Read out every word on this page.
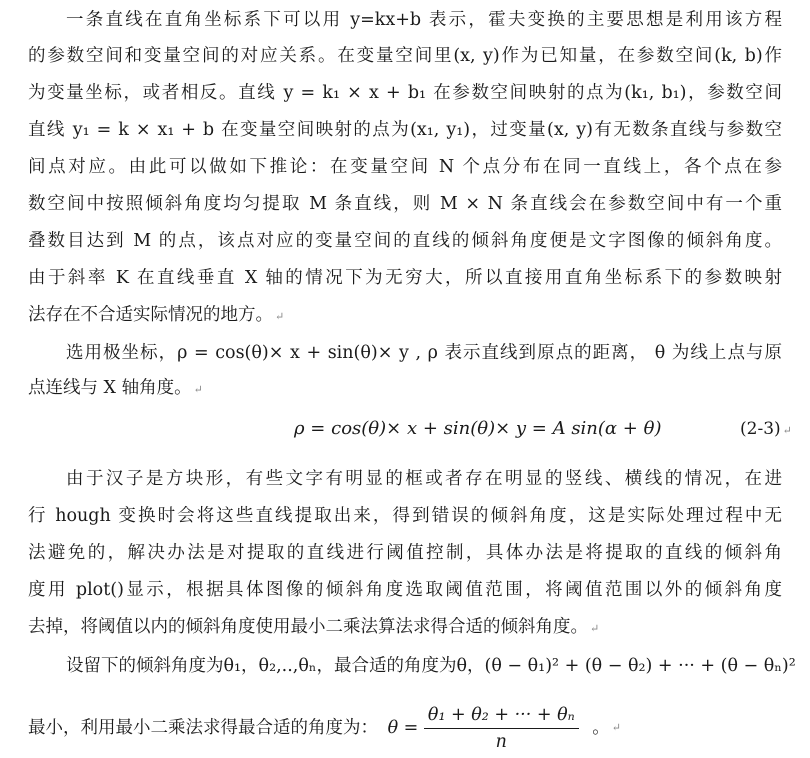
一条直线在直角坐标系下可以用 y=kx+b 表示，霍夫变换的主要思想是利用该方程
的参数空间和变量空间的对应关系。在变量空间里(x, y)作为已知量，在参数空间(k, b)作
为变量坐标，或者相反。直线 y = k₁ × x + b₁ 在参数空间映射的点为(k₁, b₁)，参数空间
直线 y₁ = k × x₁ + b 在变量空间映射的点为(x₁, y₁)，过变量(x, y)有无数条直线与参数空
间点对应。由此可以做如下推论：在变量空间 N 个点分布在同一直线上，各个点在参
数空间中按照倾斜角度均匀提取 M 条直线，则 M × N 条直线会在参数空间中有一个重
叠数目达到 M 的点，该点对应的变量空间的直线的倾斜角度便是文字图像的倾斜角度。
由于斜率 K 在直线垂直 X 轴的情况下为无穷大，所以直接用直角坐标系下的参数映射
法存在不合适实际情况的地方。 ↵
选用极坐标，ρ = cos(θ)× x + sin(θ)× y , ρ 表示直线到原点的距离， θ 为线上点与原
点连线与 X 轴角度。 ↵
ρ = cos(θ)× x + sin(θ)× y = A sin(α + θ)	(2-3) ↵
由于汉子是方块形，有些文字有明显的框或者存在明显的竖线、横线的情况，在进
行 hough 变换时会将这些直线提取出来，得到错误的倾斜角度，这是实际处理过程中无
法避免的，解决办法是对提取的直线进行阈值控制，具体办法是将提取的直线的倾斜角
度用 plot()显示，根据具体图像的倾斜角度选取阈值范围，将阈值范围以外的倾斜角度
去掉，将阈值以内的倾斜角度使用最小二乘法算法求得合适的倾斜角度。 ↵
设留下的倾斜角度为θ₁，θ₂,..,θₙ，最合适的角度为θ，(θ − θ₁)² + (θ − θ₂) + ··· + (θ − θₙ)²
最小，利用最小二乘法求得最合适的角度为： $\theta = \frac{\text{θ₁ + θ₂ + ··· + θₙ}}{n}$ 。 ↵
